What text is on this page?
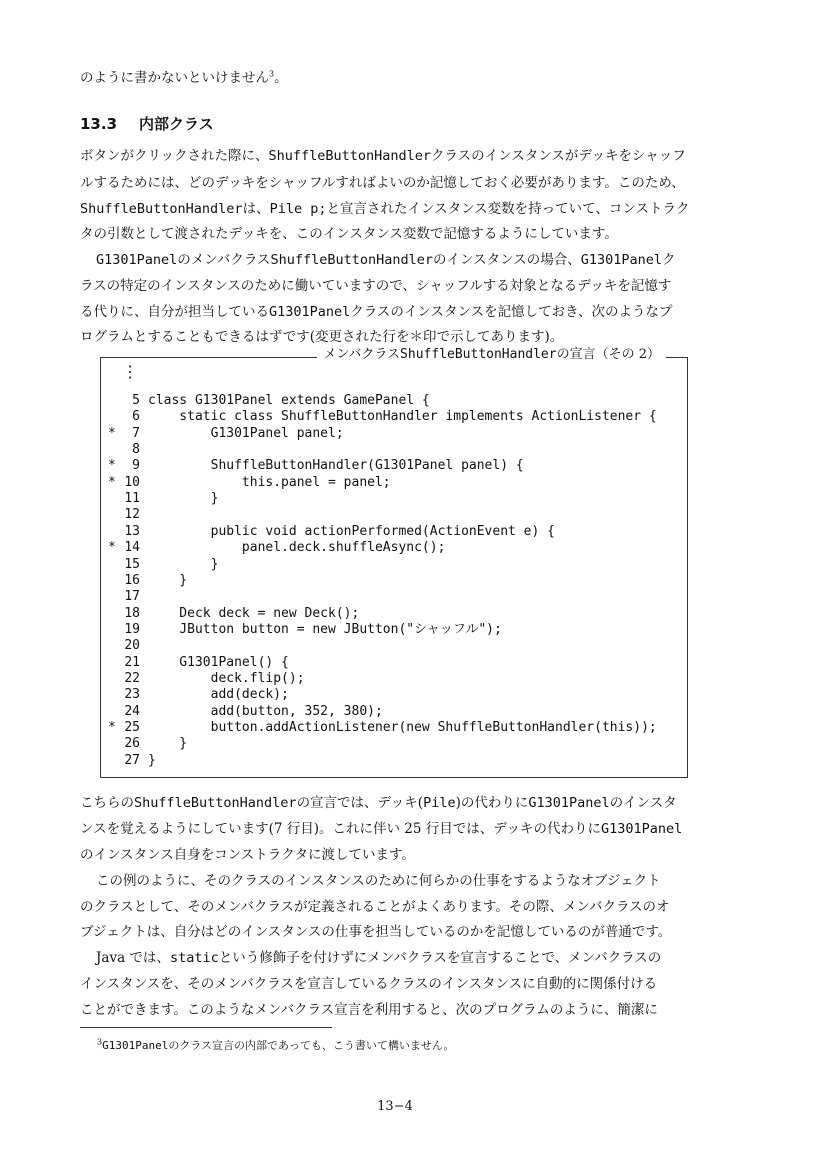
のように書かないといけません$^3$。
13.3 内部クラス
ボタンがクリックされた際に、ShuffleButtonHandlerクラスのインスタンスがデッキをシャッフ
ルするためには、どのデッキをシャッフルすればよいのか記憶しておく必要があります。このため、
ShuffleButtonHandlerは、Pile p;と宣言されたインスタンス変数を持っていて、コンストラク
タの引数として渡されたデッキを、このインスタンス変数で記憶するようにしています。
G1301PanelのメンバクラスShuffleButtonHandlerのインスタンスの場合、G1301Panelク
ラスの特定のインスタンスのために働いていますので、シャッフルする対象となるデッキを記憶す
る代りに、自分が担当しているG1301Panelクラスのインスタンスを記憶しておき、次のようなプ
ログラムとすることもできるはずです(変更された行を＊印で示してあります)。
メンバクラスShuffleButtonHandlerの宣言（その 2）
⋮
5 class G1301Panel extends GamePanel {
6    static class ShuffleButtonHandler implements ActionListener {
* 7        G1301Panel panel;
8
* 9        ShuffleButtonHandler(G1301Panel panel) {
* 10            this.panel = panel;
11        }
12
13        public void actionPerformed(ActionEvent e) {
* 14            panel.deck.shuffleAsync();
15        }
16    }
17
18    Deck deck = new Deck();
19    JButton button = new JButton("シャッフル");
20
21    G1301Panel() {
22        deck.flip();
23        add(deck);
24        add(button, 352, 380);
* 25        button.addActionListener(new ShuffleButtonHandler(this));
26    }
27 }
こちらのShuffleButtonHandlerの宣言では、デッキ(Pile)の代わりにG1301Panelのインスタ
ンスを覚えるようにしています(7 行目)。これに伴い 25 行目では、デッキの代わりにG1301Panel
のインスタンス自身をコンストラクタに渡しています。
この例のように、そのクラスのインスタンスのために何らかの仕事をするようなオブジェクト
のクラスとして、そのメンバクラスが定義されることがよくあります。その際、メンバクラスのオ
ブジェクトは、自分はどのインスタンスの仕事を担当しているのかを記憶しているのが普通です。
Java では、staticという修飾子を付けずにメンバクラスを宣言することで、メンバクラスの
インスタンスを、そのメンバクラスを宣言しているクラスのインスタンスに自動的に関係付ける
ことができます。このようなメンバクラス宣言を利用すると、次のプログラムのように、簡潔に
$^3$G1301Panelのクラス宣言の内部であっても、こう書いて構いません。
13−4
